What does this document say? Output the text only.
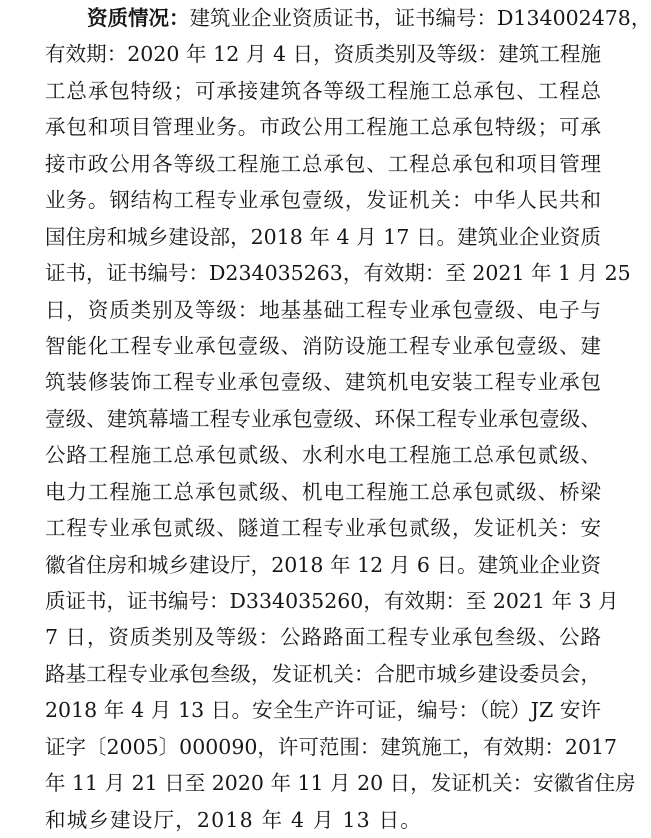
资质情况：建筑业企业资质证书，证书编号：D134002478，
有效期：2020 年 12 月 4 日，资质类别及等级：建筑工程施
工总承包特级；可承接建筑各等级工程施工总承包、工程总
承包和项目管理业务。市政公用工程施工总承包特级；可承
接市政公用各等级工程施工总承包、工程总承包和项目管理
业务。钢结构工程专业承包壹级，发证机关：中华人民共和
国住房和城乡建设部，2018 年 4 月 17 日。建筑业企业资质
证书，证书编号：D234035263，有效期：至 2021 年 1 月 25
日，资质类别及等级：地基基础工程专业承包壹级、电子与
智能化工程专业承包壹级、消防设施工程专业承包壹级、建
筑装修装饰工程专业承包壹级、建筑机电安装工程专业承包
壹级、建筑幕墙工程专业承包壹级、环保工程专业承包壹级、
公路工程施工总承包贰级、水利水电工程施工总承包贰级、
电力工程施工总承包贰级、机电工程施工总承包贰级、桥梁
工程专业承包贰级、隧道工程专业承包贰级，发证机关：安
徽省住房和城乡建设厅，2018 年 12 月 6 日。建筑业企业资
质证书，证书编号：D334035260，有效期：至 2021 年 3 月
7 日，资质类别及等级：公路路面工程专业承包叁级、公路
路基工程专业承包叁级，发证机关：合肥市城乡建设委员会，
2018 年 4 月 13 日。安全生产许可证，编号：（皖）JZ 安许
证字〔2005〕000090，许可范围：建筑施工，有效期：2017
年 11 月 21 日至 2020 年 11 月 20 日，发证机关：安徽省住房
和城乡建设厅，2018 年 4 月 13 日。
